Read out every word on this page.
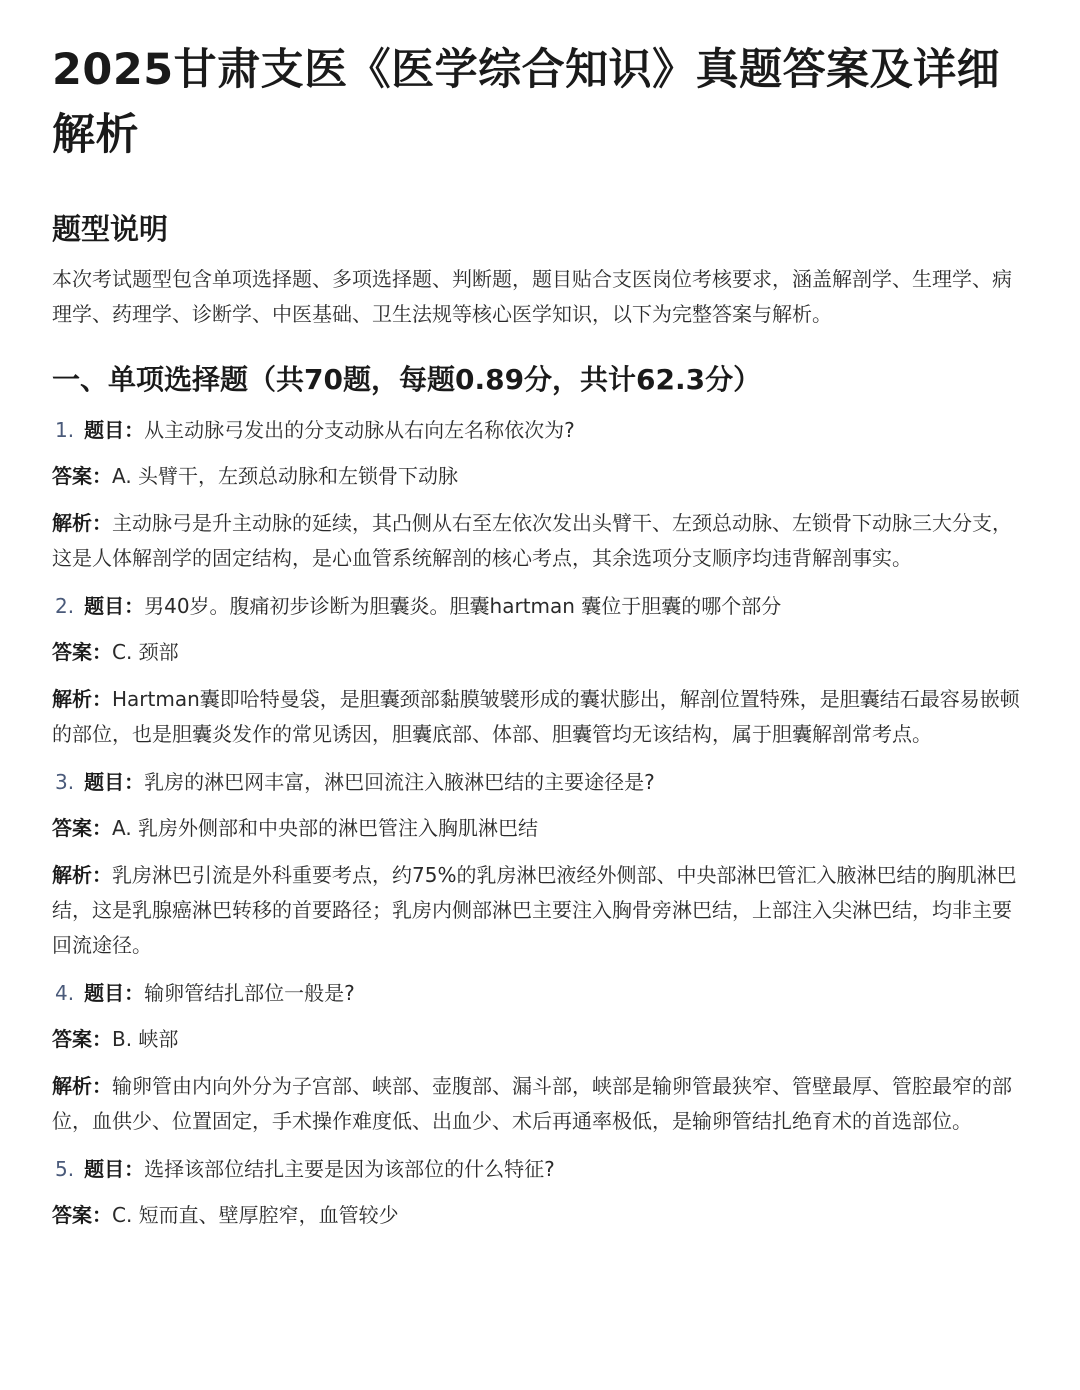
2025甘肃支医《医学综合知识》真题答案及详细解析
题型说明

本次考试题型包含单项选择题、多项选择题、判断题，题目贴合支医岗位考核要求，涵盖解剖学、生理学、病理学、药理学、诊断学、中医基础、卫生法规等核心医学知识，以下为完整答案与解析。

一、单项选择题（共70题，每题0.89分，共计62.3分）

1. 题目：从主动脉弓发出的分支动脉从右向左名称依次为?

答案：A. 头臂干，左颈总动脉和左锁骨下动脉

解析：主动脉弓是升主动脉的延续，其凸侧从右至左依次发出头臂干、左颈总动脉、左锁骨下动脉三大分支，这是人体解剖学的固定结构，是心血管系统解剖的核心考点，其余选项分支顺序均违背解剖事实。

2. 题目：男40岁。腹痛初步诊断为胆囊炎。胆囊hartman 囊位于胆囊的哪个部分

答案：C. 颈部

解析：Hartman囊即哈特曼袋，是胆囊颈部黏膜皱襞形成的囊状膨出，解剖位置特殊，是胆囊结石最容易嵌顿的部位，也是胆囊炎发作的常见诱因，胆囊底部、体部、胆囊管均无该结构，属于胆囊解剖常考点。

3. 题目：乳房的淋巴网丰富，淋巴回流注入腋淋巴结的主要途径是?

答案：A. 乳房外侧部和中央部的淋巴管注入胸肌淋巴结

解析：乳房淋巴引流是外科重要考点，约75%的乳房淋巴液经外侧部、中央部淋巴管汇入腋淋巴结的胸肌淋巴结，这是乳腺癌淋巴转移的首要路径；乳房内侧部淋巴主要注入胸骨旁淋巴结，上部注入尖淋巴结，均非主要回流途径。

4. 题目：输卵管结扎部位一般是?

答案：B. 峡部

解析：输卵管由内向外分为子宫部、峡部、壶腹部、漏斗部，峡部是输卵管最狭窄、管壁最厚、管腔最窄的部位，血供少、位置固定，手术操作难度低、出血少、术后再通率极低，是输卵管结扎绝育术的首选部位。

5. 题目：选择该部位结扎主要是因为该部位的什么特征?

答案：C. 短而直、壁厚腔窄，血管较少
